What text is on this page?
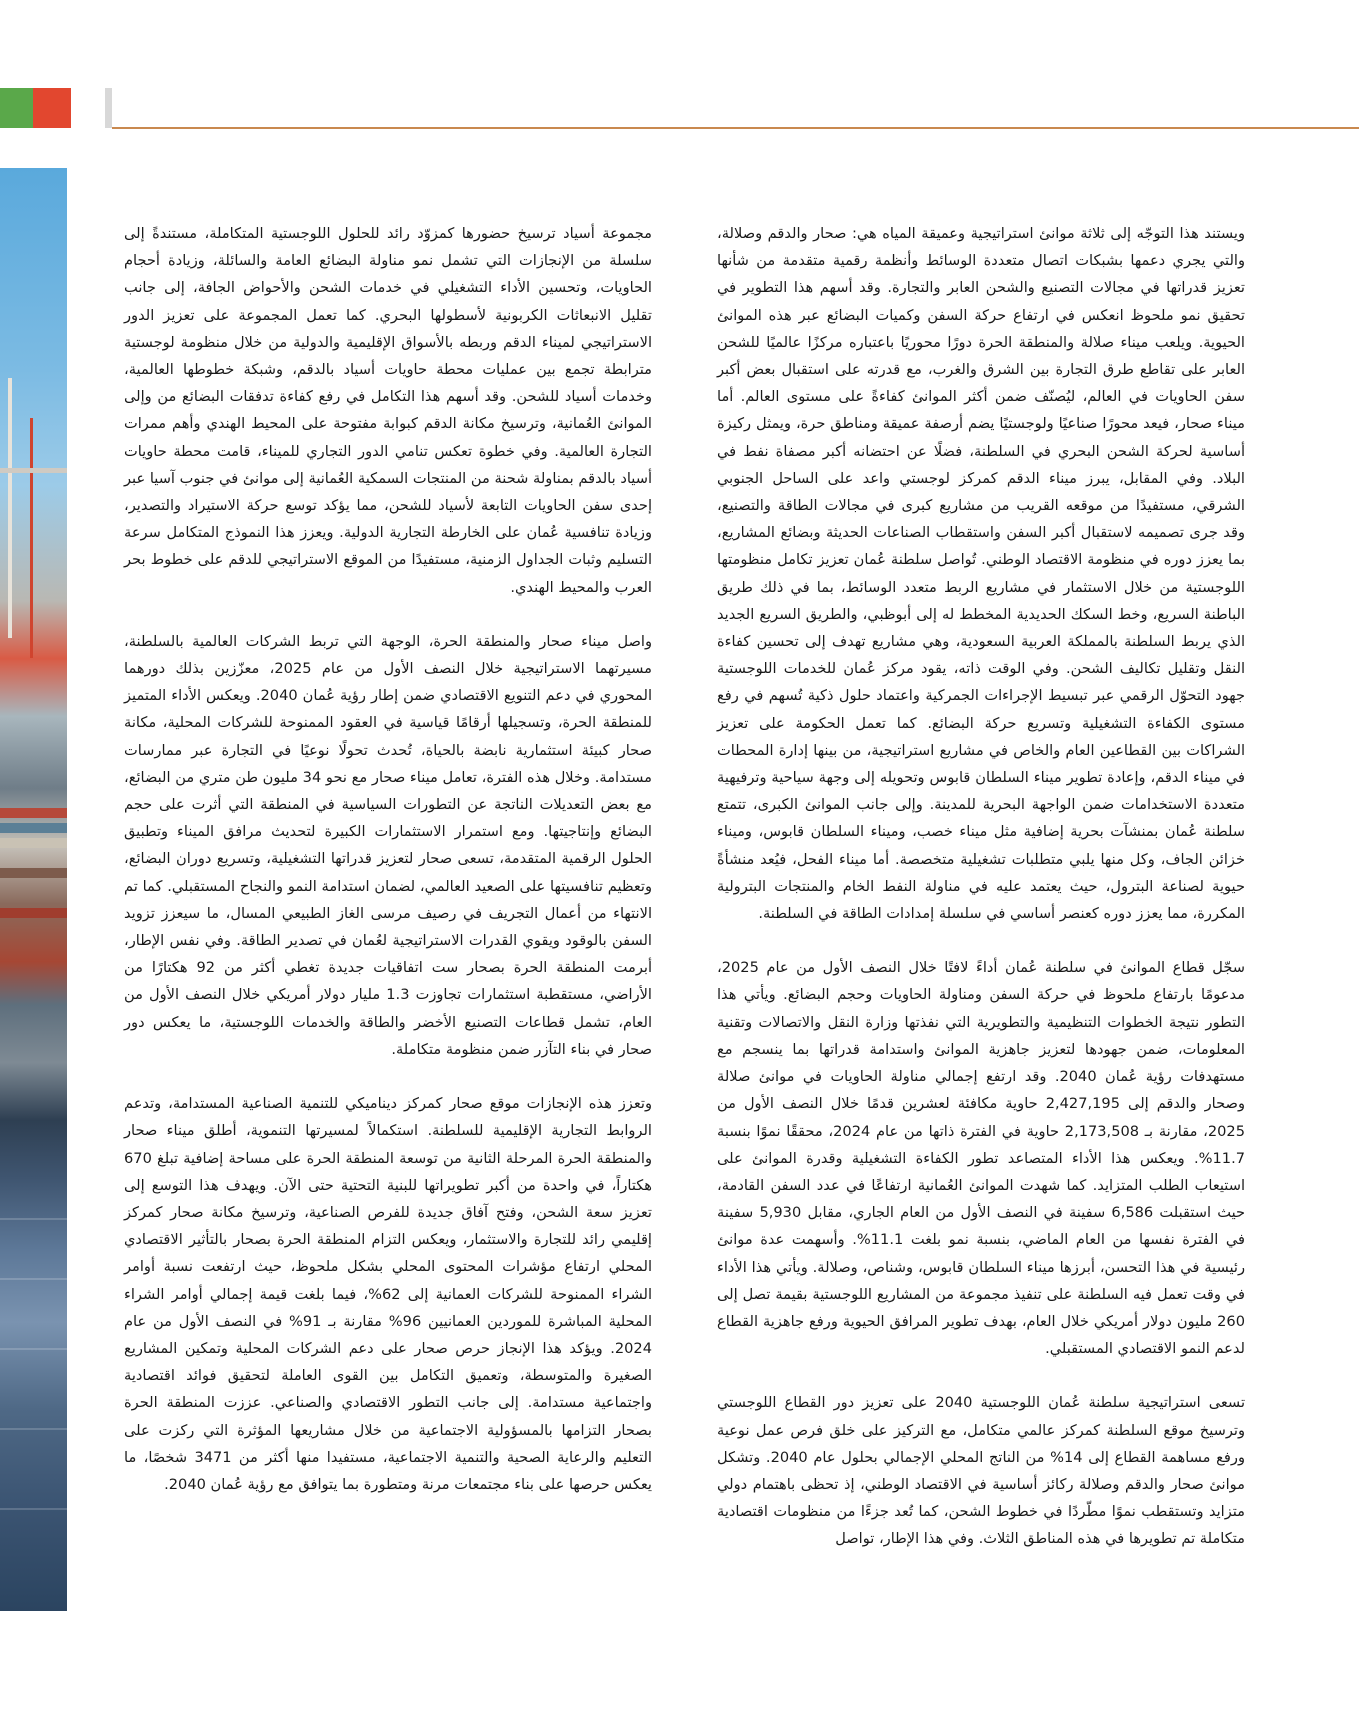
ويستند هذا التوجّه إلى ثلاثة موانئ استراتيجية وعميقة المياه هي: صحار والدقم وصلالة، والتي يجري دعمها بشبكات اتصال متعددة الوسائط وأنظمة رقمية متقدمة من شأنها تعزيز قدراتها في مجالات التصنيع والشحن العابر والتجارة. وقد أسهم هذا التطوير في تحقيق نمو ملحوظ انعكس في ارتفاع حركة السفن وكميات البضائع عبر هذه الموانئ الحيوية. ويلعب ميناء صلالة والمنطقة الحرة دورًا محوريًا باعتباره مركزًا عالميًا للشحن العابر على تقاطع طرق التجارة بين الشرق والغرب، مع قدرته على استقبال بعض أكبر سفن الحاويات في العالم، ليُصنّف ضمن أكثر الموانئ كفاءةً على مستوى العالم. أما ميناء صحار، فيعد محورًا صناعيًا ولوجستيًا يضم أرصفة عميقة ومناطق حرة، ويمثل ركيزة أساسية لحركة الشحن البحري في السلطنة، فضلًا عن احتضانه أكبر مصفاة نفط في البلاد. وفي المقابل، يبرز ميناء الدقم كمركز لوجستي واعد على الساحل الجنوبي الشرقي، مستفيدًا من موقعه القريب من مشاريع كبرى في مجالات الطاقة والتصنيع، وقد جرى تصميمه لاستقبال أكبر السفن واستقطاب الصناعات الحديثة وبضائع المشاريع، بما يعزز دوره في منظومة الاقتصاد الوطني. تُواصل سلطنة عُمان تعزيز تكامل منظومتها اللوجستية من خلال الاستثمار في مشاريع الربط متعدد الوسائط، بما في ذلك طريق الباطنة السريع، وخط السكك الحديدية المخطط له إلى أبوظبي، والطريق السريع الجديد الذي يربط السلطنة بالمملكة العربية السعودية، وهي مشاريع تهدف إلى تحسين كفاءة النقل وتقليل تكاليف الشحن. وفي الوقت ذاته، يقود مركز عُمان للخدمات اللوجستية جهود التحوّل الرقمي عبر تبسيط الإجراءات الجمركية واعتماد حلول ذكية تُسهم في رفع مستوى الكفاءة التشغيلية وتسريع حركة البضائع. كما تعمل الحكومة على تعزيز الشراكات بين القطاعين العام والخاص في مشاريع استراتيجية، من بينها إدارة المحطات في ميناء الدقم، وإعادة تطوير ميناء السلطان قابوس وتحويله إلى وجهة سياحية وترفيهية متعددة الاستخدامات ضمن الواجهة البحرية للمدينة. وإلى جانب الموانئ الكبرى، تتمتع سلطنة عُمان بمنشآت بحرية إضافية مثل ميناء خصب، وميناء السلطان قابوس، وميناء خزائن الجاف، وكل منها يلبي متطلبات تشغيلية متخصصة. أما ميناء الفحل، فيُعد منشأةً حيوية لصناعة البترول، حيث يعتمد عليه في مناولة النفط الخام والمنتجات البترولية المكررة، مما يعزز دوره كعنصر أساسي في سلسلة إمدادات الطاقة في السلطنة.

سجّل قطاع الموانئ في سلطنة عُمان أداءً لافتًا خلال النصف الأول من عام 2025، مدعومًا بارتفاع ملحوظ في حركة السفن ومناولة الحاويات وحجم البضائع. ويأتي هذا التطور نتيجة الخطوات التنظيمية والتطويرية التي نفذتها وزارة النقل والاتصالات وتقنية المعلومات، ضمن جهودها لتعزيز جاهزية الموانئ واستدامة قدراتها بما ينسجم مع مستهدفات رؤية عُمان 2040. وقد ارتفع إجمالي مناولة الحاويات في موانئ صلالة وصحار والدقم إلى 2,427,195 حاوية مكافئة لعشرين قدمًا خلال النصف الأول من 2025، مقارنة بـ 2,173,508 حاوية في الفترة ذاتها من عام 2024، محققًا نموًا بنسبة 11.7%. ويعكس هذا الأداء المتصاعد تطور الكفاءة التشغيلية وقدرة الموانئ على استيعاب الطلب المتزايد. كما شهدت الموانئ العُمانية ارتفاعًا في عدد السفن القادمة، حيث استقبلت 6,586 سفينة في النصف الأول من العام الجاري، مقابل 5,930 سفينة في الفترة نفسها من العام الماضي، بنسبة نمو بلغت 11.1%. وأسهمت عدة موانئ رئيسية في هذا التحسن، أبرزها ميناء السلطان قابوس، وشناص، وصلالة. ويأتي هذا الأداء في وقت تعمل فيه السلطنة على تنفيذ مجموعة من المشاريع اللوجستية بقيمة تصل إلى 260 مليون دولار أمريكي خلال العام، بهدف تطوير المرافق الحيوية ورفع جاهزية القطاع لدعم النمو الاقتصادي المستقبلي.

تسعى استراتيجية سلطنة عُمان اللوجستية 2040 على تعزيز دور القطاع اللوجستي وترسيخ موقع السلطنة كمركز عالمي متكامل، مع التركيز على خلق فرص عمل نوعية ورفع مساهمة القطاع إلى 14% من الناتج المحلي الإجمالي بحلول عام 2040. وتشكل موانئ صحار والدقم وصلالة ركائز أساسية في الاقتصاد الوطني، إذ تحظى باهتمام دولي متزايد وتستقطب نموًا مطّردًا في خطوط الشحن، كما تُعد جزءًا من منظومات اقتصادية متكاملة تم تطويرها في هذه المناطق الثلاث. وفي هذا الإطار، تواصل

مجموعة أسياد ترسيخ حضورها كمزوّد رائد للحلول اللوجستية المتكاملة، مستندةً إلى سلسلة من الإنجازات التي تشمل نمو مناولة البضائع العامة والسائلة، وزيادة أحجام الحاويات، وتحسين الأداء التشغيلي في خدمات الشحن والأحواض الجافة، إلى جانب تقليل الانبعاثات الكربونية لأسطولها البحري. كما تعمل المجموعة على تعزيز الدور الاستراتيجي لميناء الدقم وربطه بالأسواق الإقليمية والدولية من خلال منظومة لوجستية مترابطة تجمع بين عمليات محطة حاويات أسياد بالدقم، وشبكة خطوطها العالمية، وخدمات أسياد للشحن. وقد أسهم هذا التكامل في رفع كفاءة تدفقات البضائع من وإلى الموانئ العُمانية، وترسيخ مكانة الدقم كبوابة مفتوحة على المحيط الهندي وأهم ممرات التجارة العالمية. وفي خطوة تعكس تنامي الدور التجاري للميناء، قامت محطة حاويات أسياد بالدقم بمناولة شحنة من المنتجات السمكية العُمانية إلى موانئ في جنوب آسيا عبر إحدى سفن الحاويات التابعة لأسياد للشحن، مما يؤكد توسع حركة الاستيراد والتصدير، وزيادة تنافسية عُمان على الخارطة التجارية الدولية. ويعزز هذا النموذج المتكامل سرعة التسليم وثبات الجداول الزمنية، مستفيدًا من الموقع الاستراتيجي للدقم على خطوط بحر العرب والمحيط الهندي.

واصل ميناء صحار والمنطقة الحرة، الوجهة التي تربط الشركات العالمية بالسلطنة، مسيرتهما الاستراتيجية خلال النصف الأول من عام 2025، معزّزين بذلك دورهما المحوري في دعم التنويع الاقتصادي ضمن إطار رؤية عُمان 2040. ويعكس الأداء المتميز للمنطقة الحرة، وتسجيلها أرقامًا قياسية في العقود الممنوحة للشركات المحلية، مكانة صحار كبيئة استثمارية نابضة بالحياة، تُحدث تحولًا نوعيًا في التجارة عبر ممارسات مستدامة. وخلال هذه الفترة، تعامل ميناء صحار مع نحو 34 مليون طن متري من البضائع، مع بعض التعديلات الناتجة عن التطورات السياسية في المنطقة التي أثرت على حجم البضائع وإنتاجيتها. ومع استمرار الاستثمارات الكبيرة لتحديث مرافق الميناء وتطبيق الحلول الرقمية المتقدمة، تسعى صحار لتعزيز قدراتها التشغيلية، وتسريع دوران البضائع، وتعظيم تنافسيتها على الصعيد العالمي، لضمان استدامة النمو والنجاح المستقبلي. كما تم الانتهاء من أعمال التجريف في رصيف مرسى الغاز الطبيعي المسال، ما سيعزز تزويد السفن بالوقود ويقوي القدرات الاستراتيجية لعُمان في تصدير الطاقة. وفي نفس الإطار، أبرمت المنطقة الحرة بصحار ست اتفاقيات جديدة تغطي أكثر من 92 هكتارًا من الأراضي، مستقطبة استثمارات تجاوزت 1.3 مليار دولار أمريكي خلال النصف الأول من العام، تشمل قطاعات التصنيع الأخضر والطاقة والخدمات اللوجستية، ما يعكس دور صحار في بناء التآزر ضمن منظومة متكاملة.

وتعزز هذه الإنجازات موقع صحار كمركز ديناميكي للتنمية الصناعية المستدامة، وتدعم الروابط التجارية الإقليمية للسلطنة. استكمالاً لمسيرتها التنموية، أطلق ميناء صحار والمنطقة الحرة المرحلة الثانية من توسعة المنطقة الحرة على مساحة إضافية تبلغ 670 هكتاراً، في واحدة من أكبر تطويراتها للبنية التحتية حتى الآن. ويهدف هذا التوسع إلى تعزيز سعة الشحن، وفتح آفاق جديدة للفرص الصناعية، وترسيخ مكانة صحار كمركز إقليمي رائد للتجارة والاستثمار، ويعكس التزام المنطقة الحرة بصحار بالتأثير الاقتصادي المحلي ارتفاع مؤشرات المحتوى المحلي بشكل ملحوظ، حيث ارتفعت نسبة أوامر الشراء الممنوحة للشركات العمانية إلى 62%، فيما بلغت قيمة إجمالي أوامر الشراء المحلية المباشرة للموردين العمانيين 96% مقارنة بـ 91% في النصف الأول من عام 2024. ويؤكد هذا الإنجاز حرص صحار على دعم الشركات المحلية وتمكين المشاريع الصغيرة والمتوسطة، وتعميق التكامل بين القوى العاملة لتحقيق فوائد اقتصادية واجتماعية مستدامة. إلى جانب التطور الاقتصادي والصناعي. عززت المنطقة الحرة بصحار التزامها بالمسؤولية الاجتماعية من خلال مشاريعها المؤثرة التي ركزت على التعليم والرعاية الصحية والتنمية الاجتماعية، مستفيدا منها أكثر من 3471 شخصًا، ما يعكس حرصها على بناء مجتمعات مرنة ومتطورة بما يتوافق مع رؤية عُمان 2040.
